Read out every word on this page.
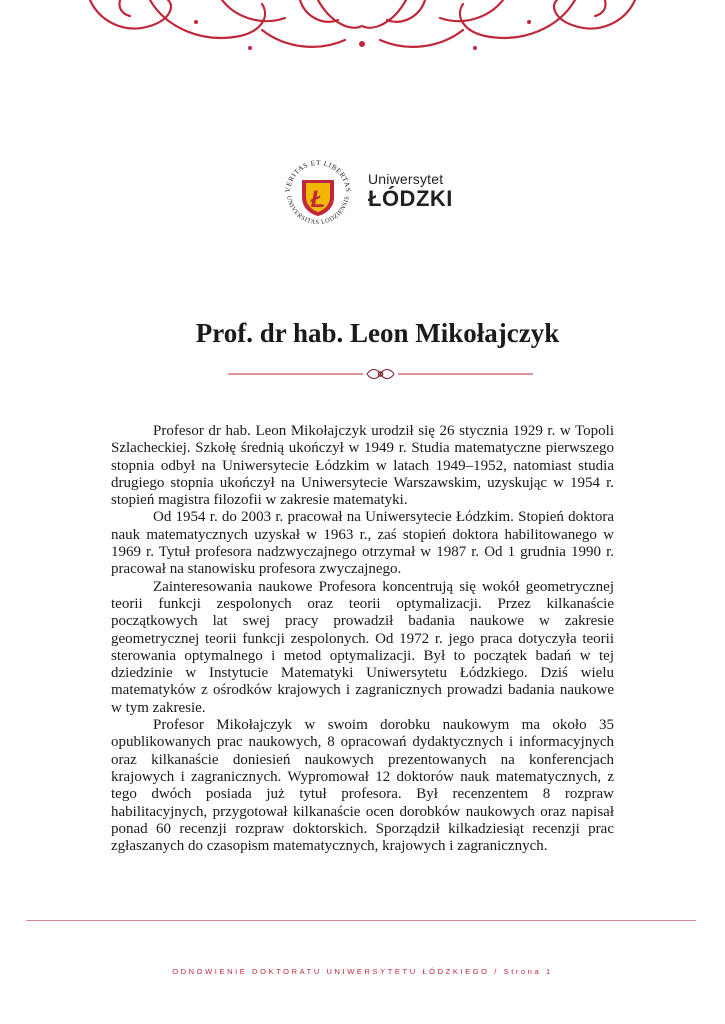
VERITAS ET LIBERTAS
UNIVERSITAS LODZIENSIS
Ł
Uniwersytet
ŁÓDZKI
Prof. dr hab. Leon Mikołajczyk

Profesor dr hab. Leon Mikołajczyk urodził się 26 stycznia 1929 r. w Topoli Szlacheckiej. Szkołę średnią ukończył w 1949 r. Studia matematyczne pierwszego stopnia odbył na Uniwersytecie Łódzkim w latach 1949–1952, natomiast studia drugiego stopnia ukończył na Uniwersytecie Warszawskim, uzyskując w 1954 r. stopień magistra filozofii w zakresie matematyki.

Od 1954 r. do 2003 r. pracował na Uniwersytecie Łódzkim. Stopień doktora nauk matematycznych uzyskał w 1963 r., zaś stopień doktora habilitowanego w 1969 r. Tytuł profesora nadzwyczajnego otrzymał w 1987 r. Od 1 grudnia 1990 r. pracował na stanowisku profesora zwyczajnego.

Zainteresowania naukowe Profesora koncentrują się wokół geometrycznej teorii funkcji zespolonych oraz teorii optymalizacji. Przez kilkanaście początkowych lat swej pracy prowadził badania naukowe w zakresie geometrycznej teorii funkcji zespolonych. Od 1972 r. jego praca dotyczyła teorii sterowania optymalnego i metod optymalizacji. Był to początek badań w tej dziedzinie w Instytucie Matematyki Uniwersytetu Łódzkiego. Dziś wielu matematyków z ośrodków krajowych i zagranicznych prowadzi badania naukowe w tym zakresie.

Profesor Mikołajczyk w swoim dorobku naukowym ma około 35 opublikowanych prac naukowych, 8 opracowań dydaktycznych i informacyjnych oraz kilkanaście doniesień naukowych prezentowanych na konferencjach krajowych i zagranicznych. Wypromował 12 doktorów nauk matematycznych, z tego dwóch posiada już tytuł profesora. Był recenzentem 8 rozpraw habilitacyjnych, przygotował kilkanaście ocen dorobków naukowych oraz napisał ponad 60 recenzji rozpraw doktorskich. Sporządził kilkadziesiąt recenzji prac zgłaszanych do czasopism matematycznych, krajowych i zagranicznych.

ODNOWIENIE DOKTORATU UNIWERSYTETU ŁÓDZKIEGO / Strona 1
